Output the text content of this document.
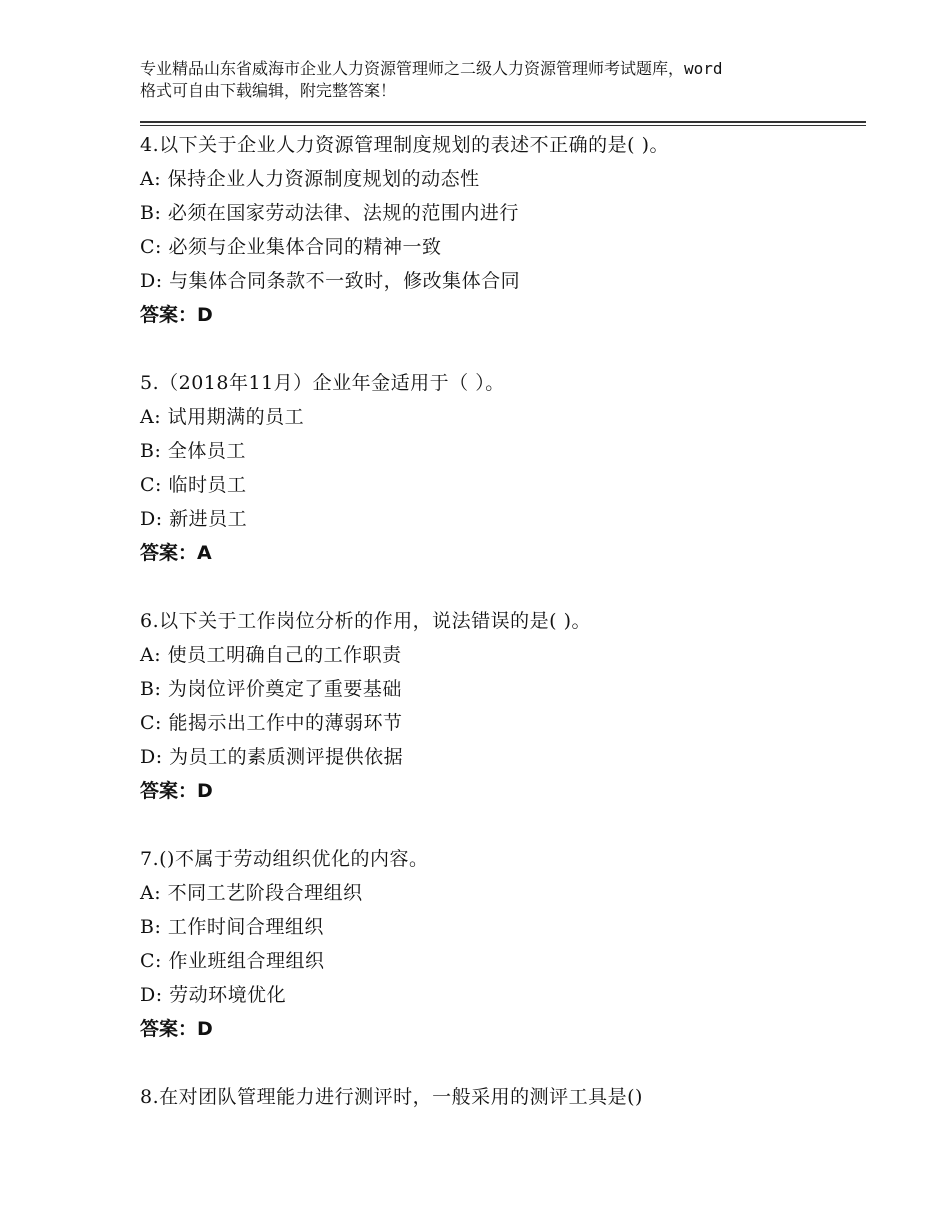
专业精品山东省威海市企业人力资源管理师之二级人力资源管理师考试题库，word
格式可自由下载编辑，附完整答案！
4.以下关于企业人力资源管理制度规划的表述不正确的是( )。
A: 保持企业人力资源制度规划的动态性
B: 必须在国家劳动法律、法规的范围内进行
C: 必须与企业集体合同的精神一致
D: 与集体合同条款不一致时，修改集体合同
答案：D
5.（2018年11月）企业年金适用于（ ）。
A: 试用期满的员工
B: 全体员工
C: 临时员工
D: 新进员工
答案：A
6.以下关于工作岗位分析的作用，说法错误的是( )。
A: 使员工明确自己的工作职责
B: 为岗位评价奠定了重要基础
C: 能揭示出工作中的薄弱环节
D: 为员工的素质测评提供依据
答案：D
7.()不属于劳动组织优化的内容。
A: 不同工艺阶段合理组织
B: 工作时间合理组织
C: 作业班组合理组织
D: 劳动环境优化
答案：D
8.在对团队管理能力进行测评时，一般采用的测评工具是()
